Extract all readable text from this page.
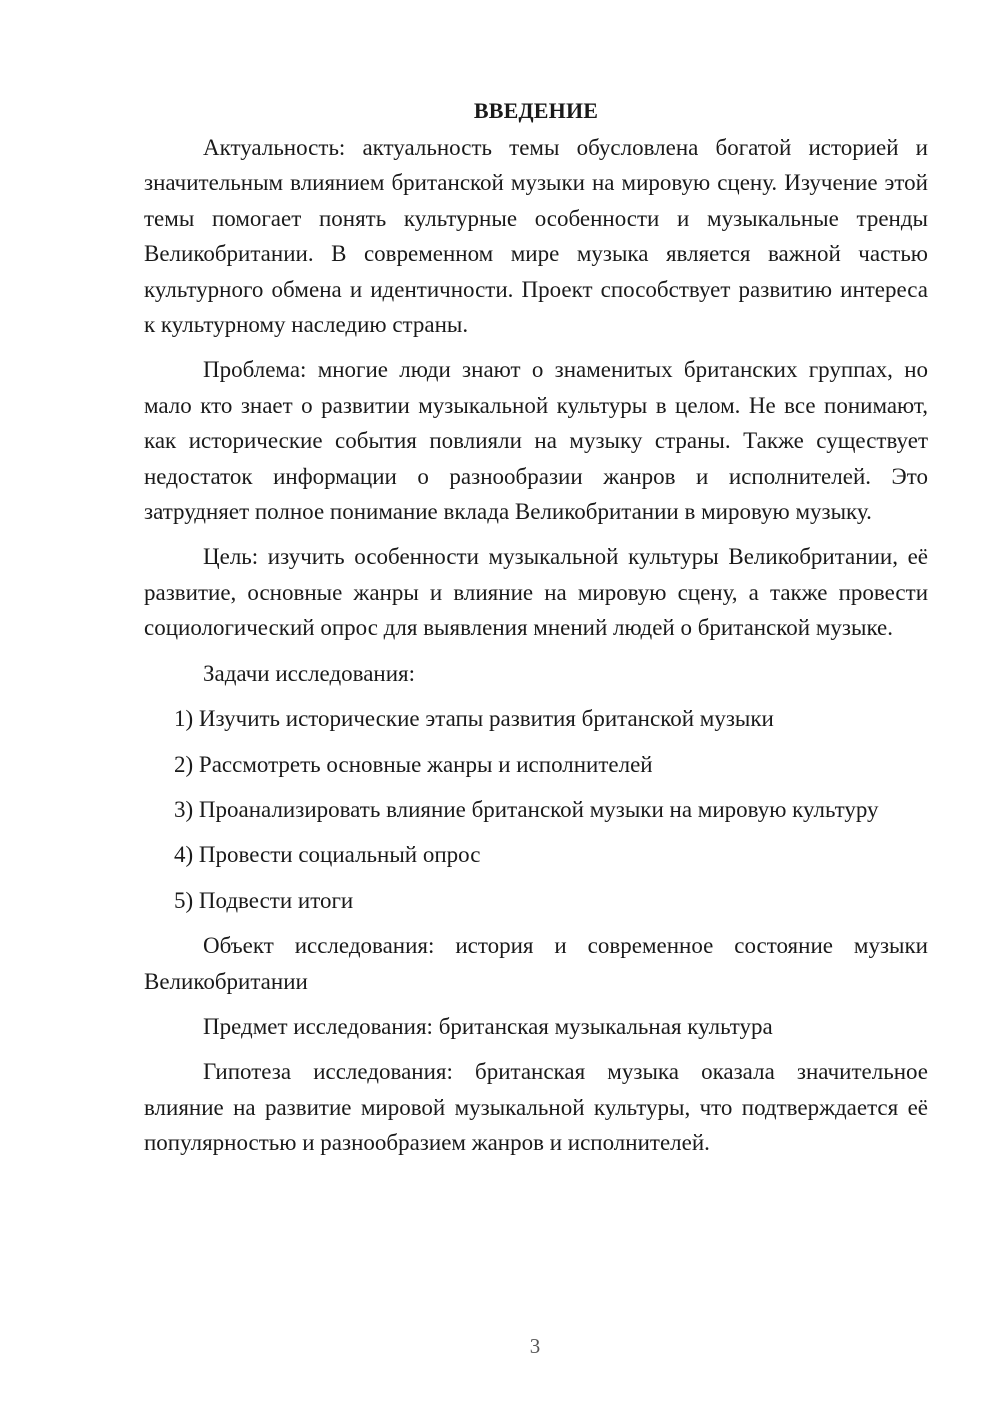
ВВЕДЕНИЕ

Актуальность: актуальность темы обусловлена богатой историей и значительным влиянием британской музыки на мировую сцену. Изучение этой темы помогает понять культурные особенности и музыкальные тренды Великобритании. В современном мире музыка является важной частью культурного обмена и идентичности. Проект способствует развитию интереса к культурному наследию страны.

Проблема: многие люди знают о знаменитых британских группах, но мало кто знает о развитии музыкальной культуры в целом. Не все понимают, как исторические события повлияли на музыку страны. Также существует недостаток информации о разнообразии жанров и исполнителей. Это затрудняет полное понимание вклада Великобритании в мировую музыку.

Цель: изучить особенности музыкальной культуры Великобритании, её развитие, основные жанры и влияние на мировую сцену, а также провести социологический опрос для выявления мнений людей о британской музыке.

Задачи исследования:

1) Изучить исторические этапы развития британской музыки

2) Рассмотреть основные жанры и исполнителей

3) Проанализировать влияние британской музыки на мировую культуру

4) Провести социальный опрос

5) Подвести итоги

Объект исследования: история и современное состояние музыки Великобритании

Предмет исследования: британская музыкальная культура

Гипотеза исследования: британская музыка оказала значительное влияние на развитие мировой музыкальной культуры, что подтверждается её популярностью и разнообразием жанров и исполнителей.

3
